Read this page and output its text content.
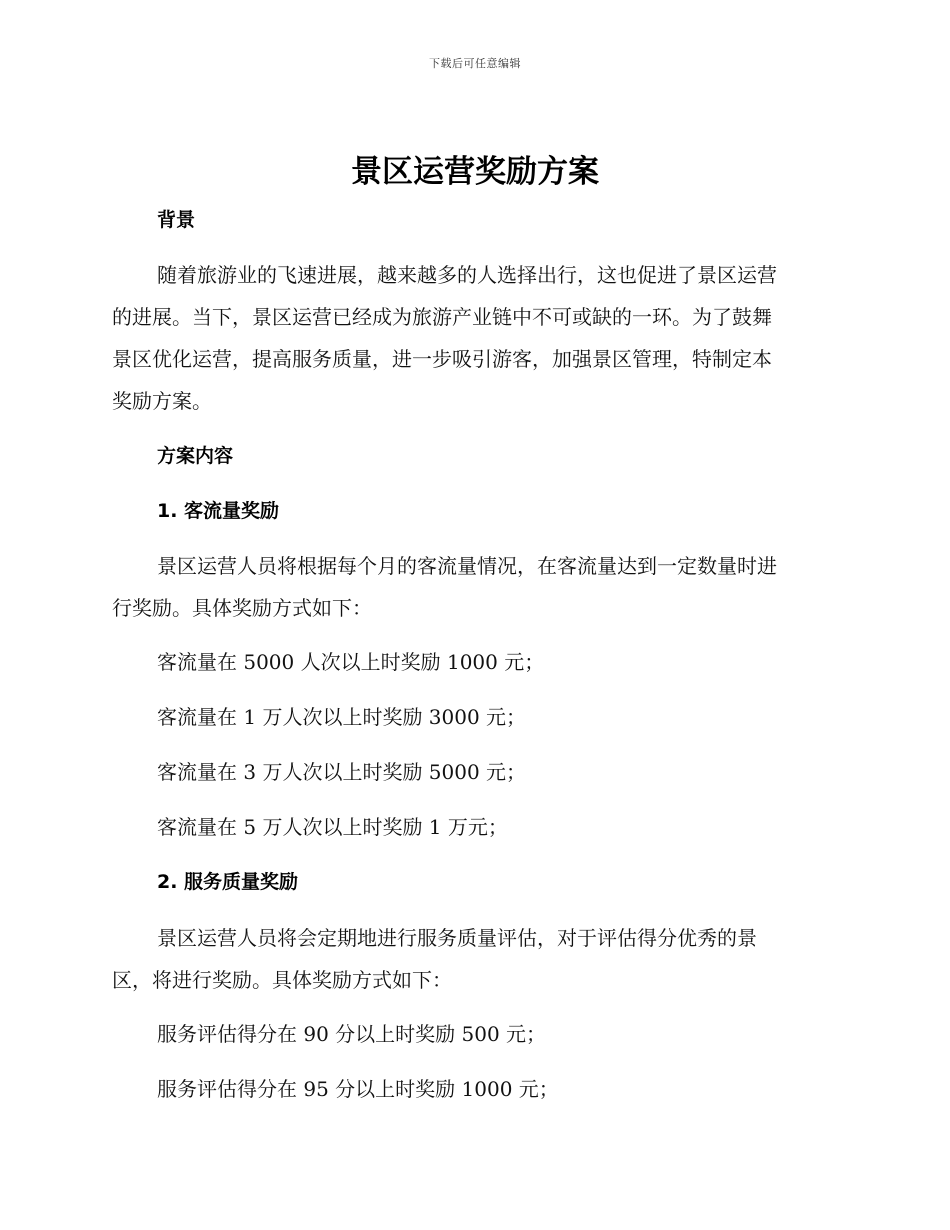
下载后可任意编辑
景区运营奖励方案

背景

随着旅游业的飞速进展，越来越多的人选择出行，这也促进了景区运营

的进展。当下，景区运营已经成为旅游产业链中不可或缺的一环。为了鼓舞

景区优化运营，提高服务质量，进一步吸引游客，加强景区管理，特制定本

奖励方案。

方案内容

1. 客流量奖励

景区运营人员将根据每个月的客流量情况，在客流量达到一定数量时进

行奖励。具体奖励方式如下：

客流量在 5000 人次以上时奖励 1000 元；

客流量在 1 万人次以上时奖励 3000 元；

客流量在 3 万人次以上时奖励 5000 元；

客流量在 5 万人次以上时奖励 1 万元；

2. 服务质量奖励

景区运营人员将会定期地进行服务质量评估，对于评估得分优秀的景

区，将进行奖励。具体奖励方式如下：

服务评估得分在 90 分以上时奖励 500 元；

服务评估得分在 95 分以上时奖励 1000 元；
